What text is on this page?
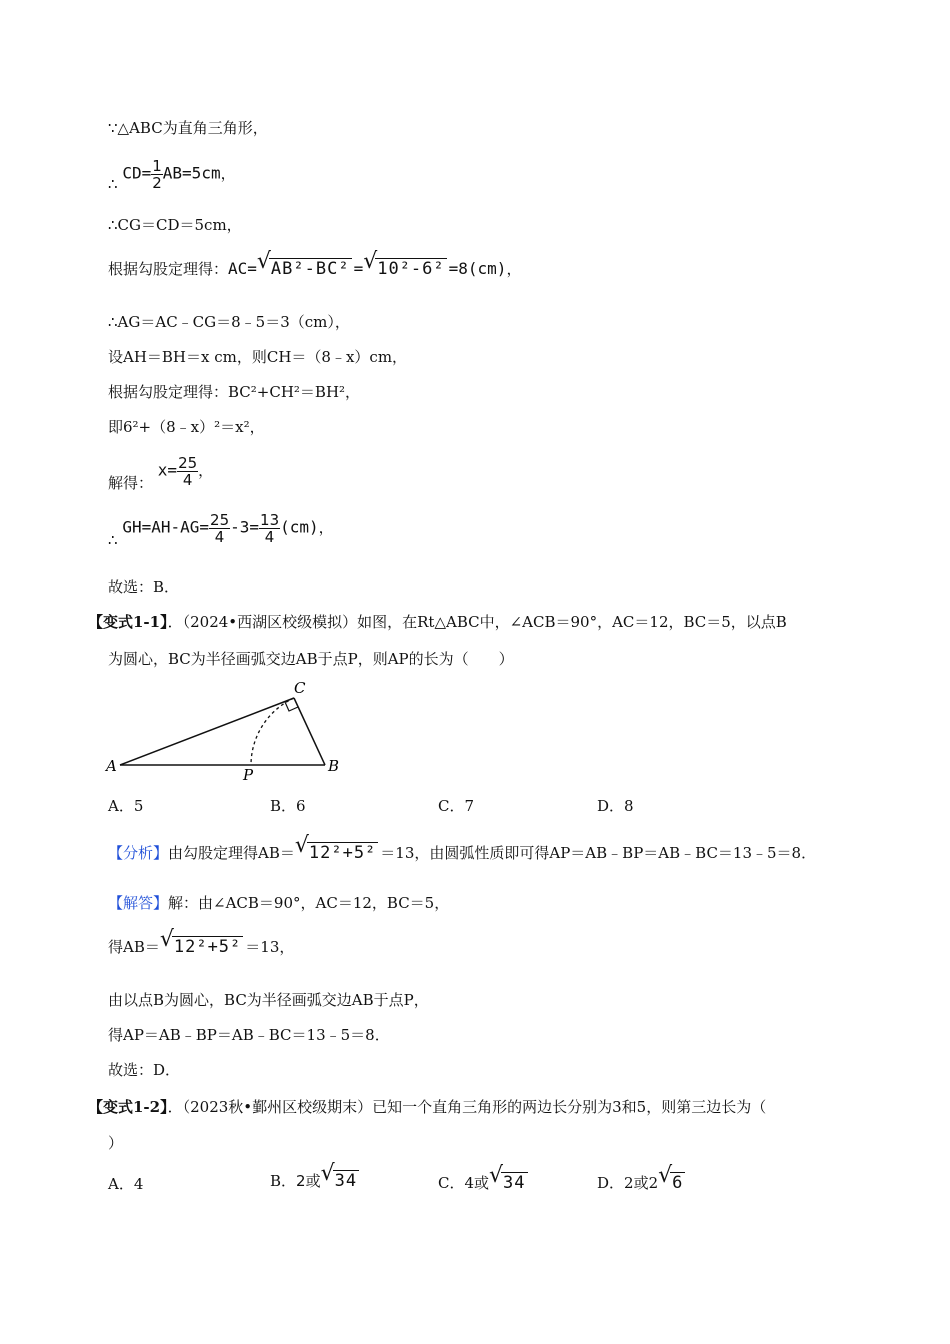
∵△ABC为直角三角形，
∴ $CD= \frac{1}{2} AB=5cm$，
∴CG＝CD＝5cm，
根据勾股定理得：AC= √ AB²-BC² = √ 10²-6² =8(cm)，
∴AG＝AC﹣CG＝8﹣5＝3（cm），
设AH＝BH＝x cm，则CH＝（8﹣x）cm，
根据勾股定理得：BC²+CH²＝BH²，
即6²+（8﹣x）²＝x²，
解得： $x= \frac{25}{4}$ ，
∴ $GH=AH-AG= \frac{25}{4} -3= \frac{13}{4} (cm)$，
故选：B．
【变式1-1】．（2024•西湖区校级模拟）如图，在Rt△ABC中，∠ACB＝90°，AC＝12，BC＝5，以点B
为圆心，BC为半径画弧交边AB于点P，则AP的长为（　　）
A	B
C
P
A．5	B．6	C．7	D．8
【分析】由勾股定理得AB＝ √ 12²+5² ＝13，由圆弧性质即可得AP＝AB﹣BP＝AB﹣BC＝13﹣5＝8．
【解答】解：由∠ACB＝90°，AC＝12，BC＝5，
得AB＝ √ 12²+5² ＝13，
由以点B为圆心，BC为半径画弧交边AB于点P，
得AP＝AB﹣BP＝AB﹣BC＝13﹣5＝8．
故选：D．
【变式1-2】．（2023秋•鄞州区校级期末）已知一个直角三角形的两边长分别为3和5，则第三边长为（
）
A．4	B．2或 √ 34	C．4或 √ 34	D．2或2 √ 6
